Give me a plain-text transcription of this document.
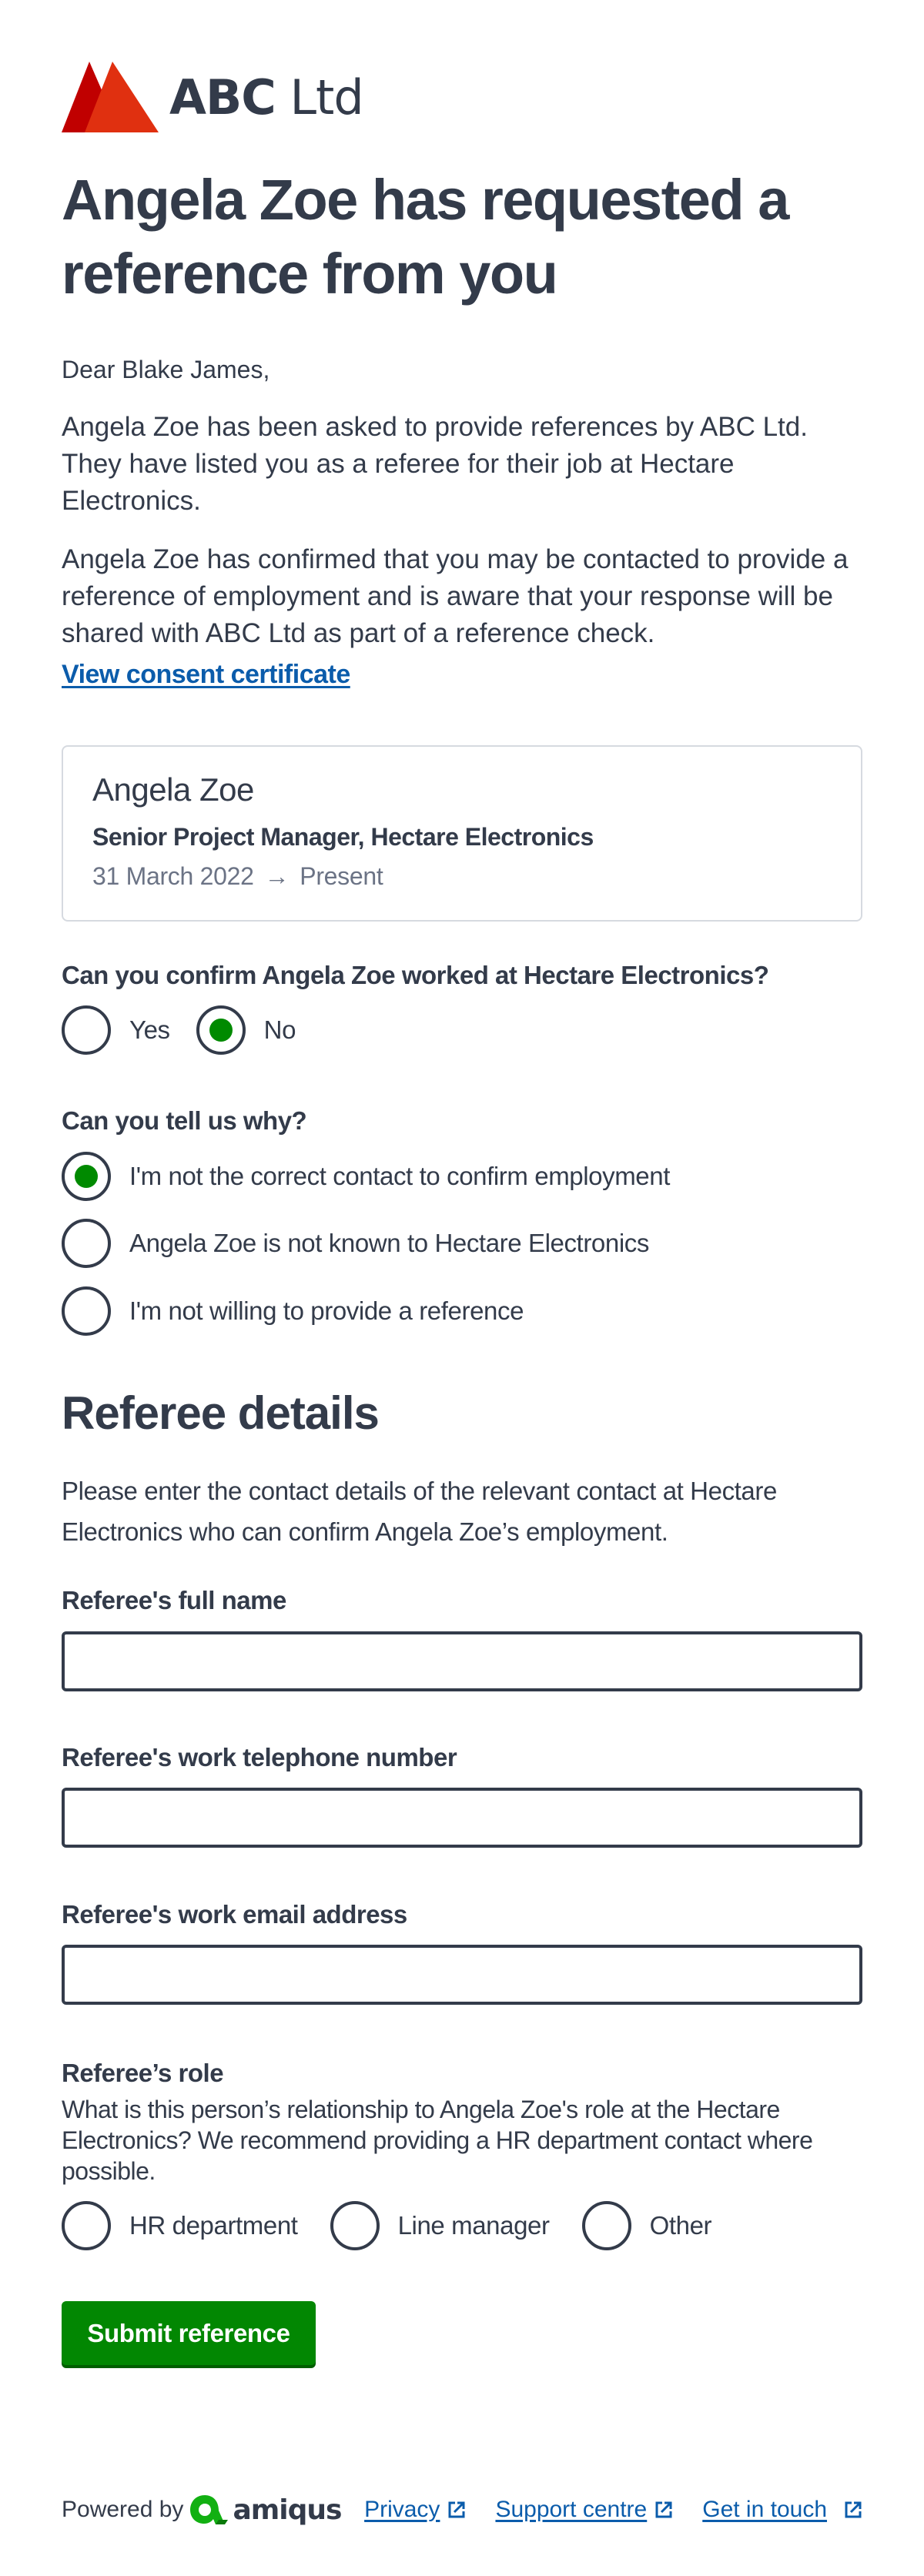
ABC Ltd
Angela Zoe has requested a reference from you

Dear Blake James,

Angela Zoe has been asked to provide references by ABC Ltd. They have listed you as a referee for their job at Hectare Electronics.

Angela Zoe has confirmed that you may be contacted to provide a reference of employment and is aware that your response will be shared with ABC Ltd as part of a reference check.

View consent certificate
Angela Zoe
Senior Project Manager, Hectare Electronics
31 March 2022 → Present
Can you confirm Angela Zoe worked at Hectare Electronics?
Yes	No
Can you tell us why?
I'm not the correct contact to confirm employment
Angela Zoe is not known to Hectare Electronics
I'm not willing to provide a reference
Referee details

Please enter the contact details of the relevant contact at Hectare Electronics who can confirm Angela Zoe’s employment.

Referee's full name
Referee's work telephone number
Referee's work email address
Referee’s role

What is this person’s relationship to Angela Zoe's role at the Hectare Electronics? We recommend providing a HR department contact where possible.

HR department	Line manager	Other
Submit reference
Powered by amiqus Privacy Support centre Get in touch
